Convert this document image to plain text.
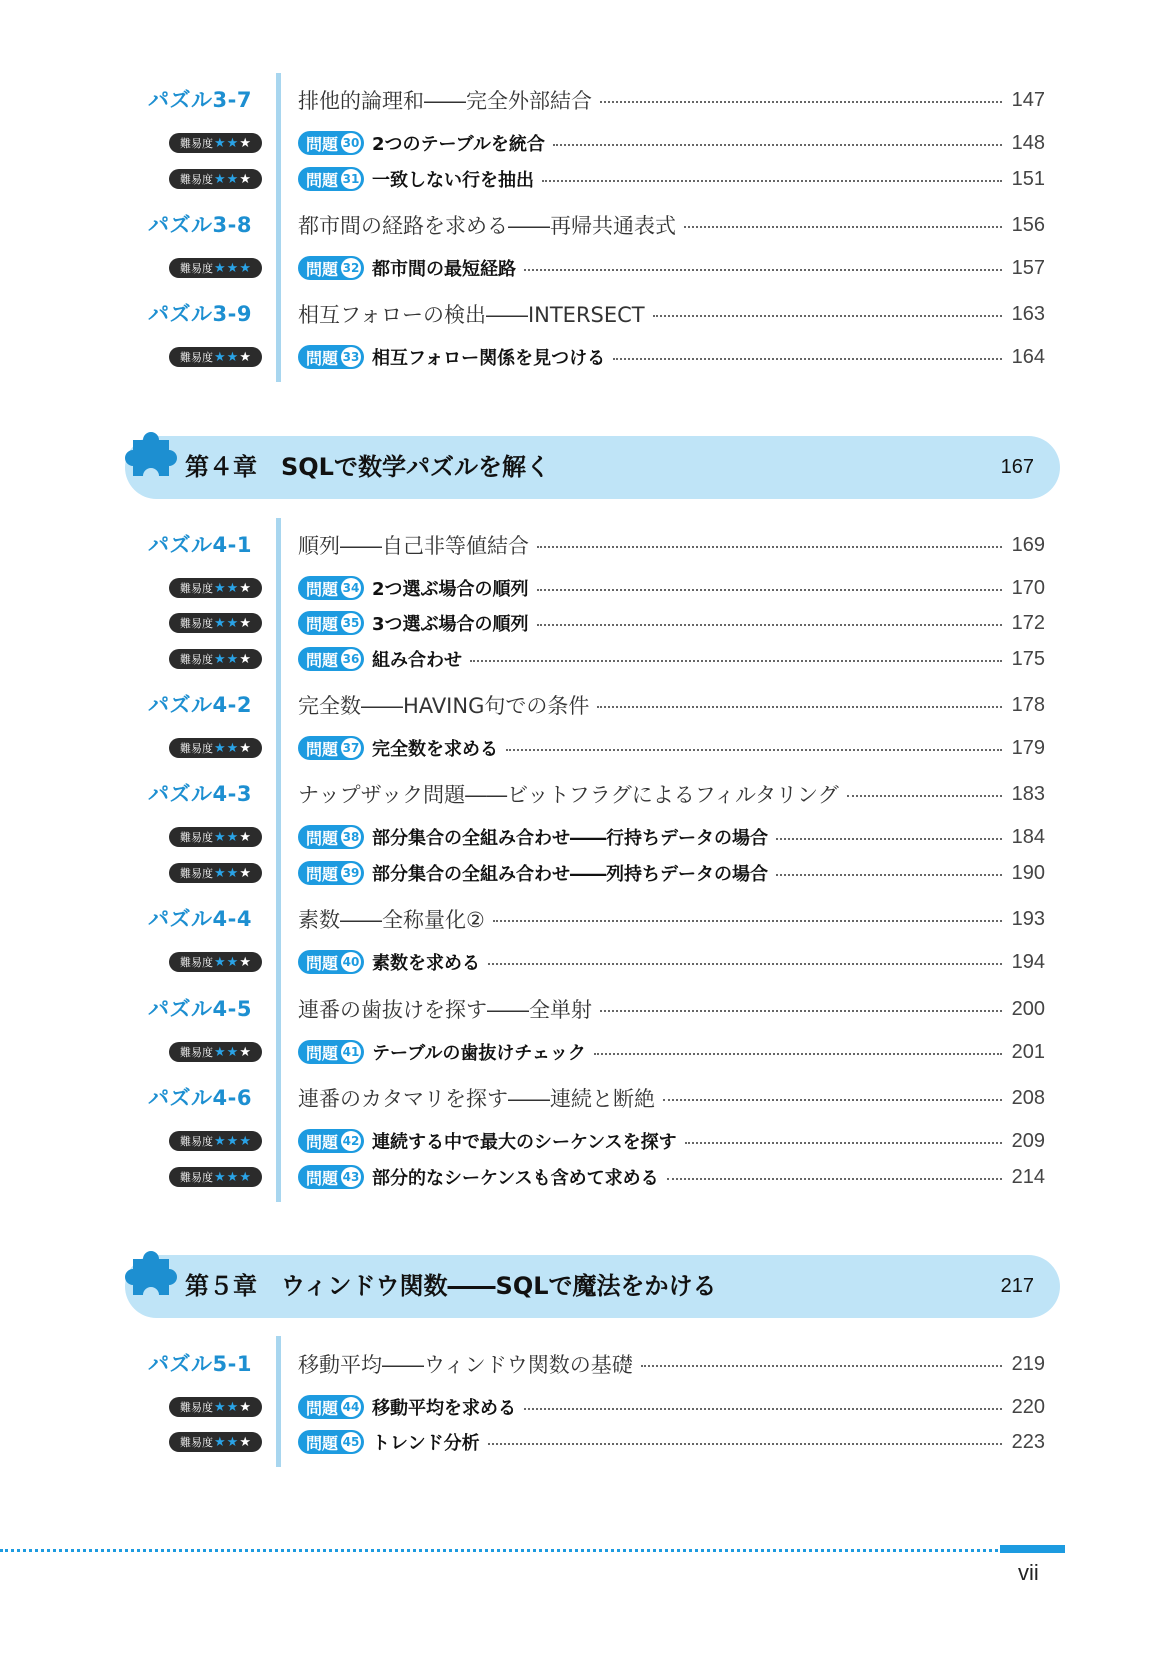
パズル3-7 排他的論理和――完全外部結合	147
難易度 ★ ★ ★	問題 30 2つのテーブルを統合	148
難易度 ★ ★ ★	問題 31 一致しない行を抽出	151
パズル3-8 都市間の経路を求める――再帰共通表式	156
難易度 ★ ★ ★	問題 32 都市間の最短経路	157
パズル3-9 相互フォローの検出――INTERSECT	163
難易度 ★ ★ ★	問題 33 相互フォロー関係を見つける	164
第４章　SQLで数学パズルを解く	167
パズル4-1 順列――自己非等値結合	169
難易度 ★ ★ ★	問題 34 2つ選ぶ場合の順列	170
難易度 ★ ★ ★	問題 35 3つ選ぶ場合の順列	172
難易度 ★ ★ ★	問題 36 組み合わせ	175
パズル4-2 完全数――HAVING句での条件	178
難易度 ★ ★ ★	問題 37 完全数を求める	179
パズル4-3 ナップザック問題――ビットフラグによるフィルタリング	183
難易度 ★ ★ ★	問題 38 部分集合の全組み合わせ――行持ちデータの場合	184
難易度 ★ ★ ★	問題 39 部分集合の全組み合わせ――列持ちデータの場合	190
パズル4-4 素数――全称量化②	193
難易度 ★ ★ ★	問題 40 素数を求める	194
パズル4-5 連番の歯抜けを探す――全単射	200
難易度 ★ ★ ★	問題 41 テーブルの歯抜けチェック	201
パズル4-6 連番のカタマリを探す――連続と断絶	208
難易度 ★ ★ ★	問題 42 連続する中で最大のシーケンスを探す	209
難易度 ★ ★ ★	問題 43 部分的なシーケンスも含めて求める	214
第５章　ウィンドウ関数――SQLで魔法をかける	217
パズル5-1 移動平均――ウィンドウ関数の基礎	219
難易度 ★ ★ ★	問題 44 移動平均を求める	220
難易度 ★ ★ ★	問題 45 トレンド分析	223
vii
